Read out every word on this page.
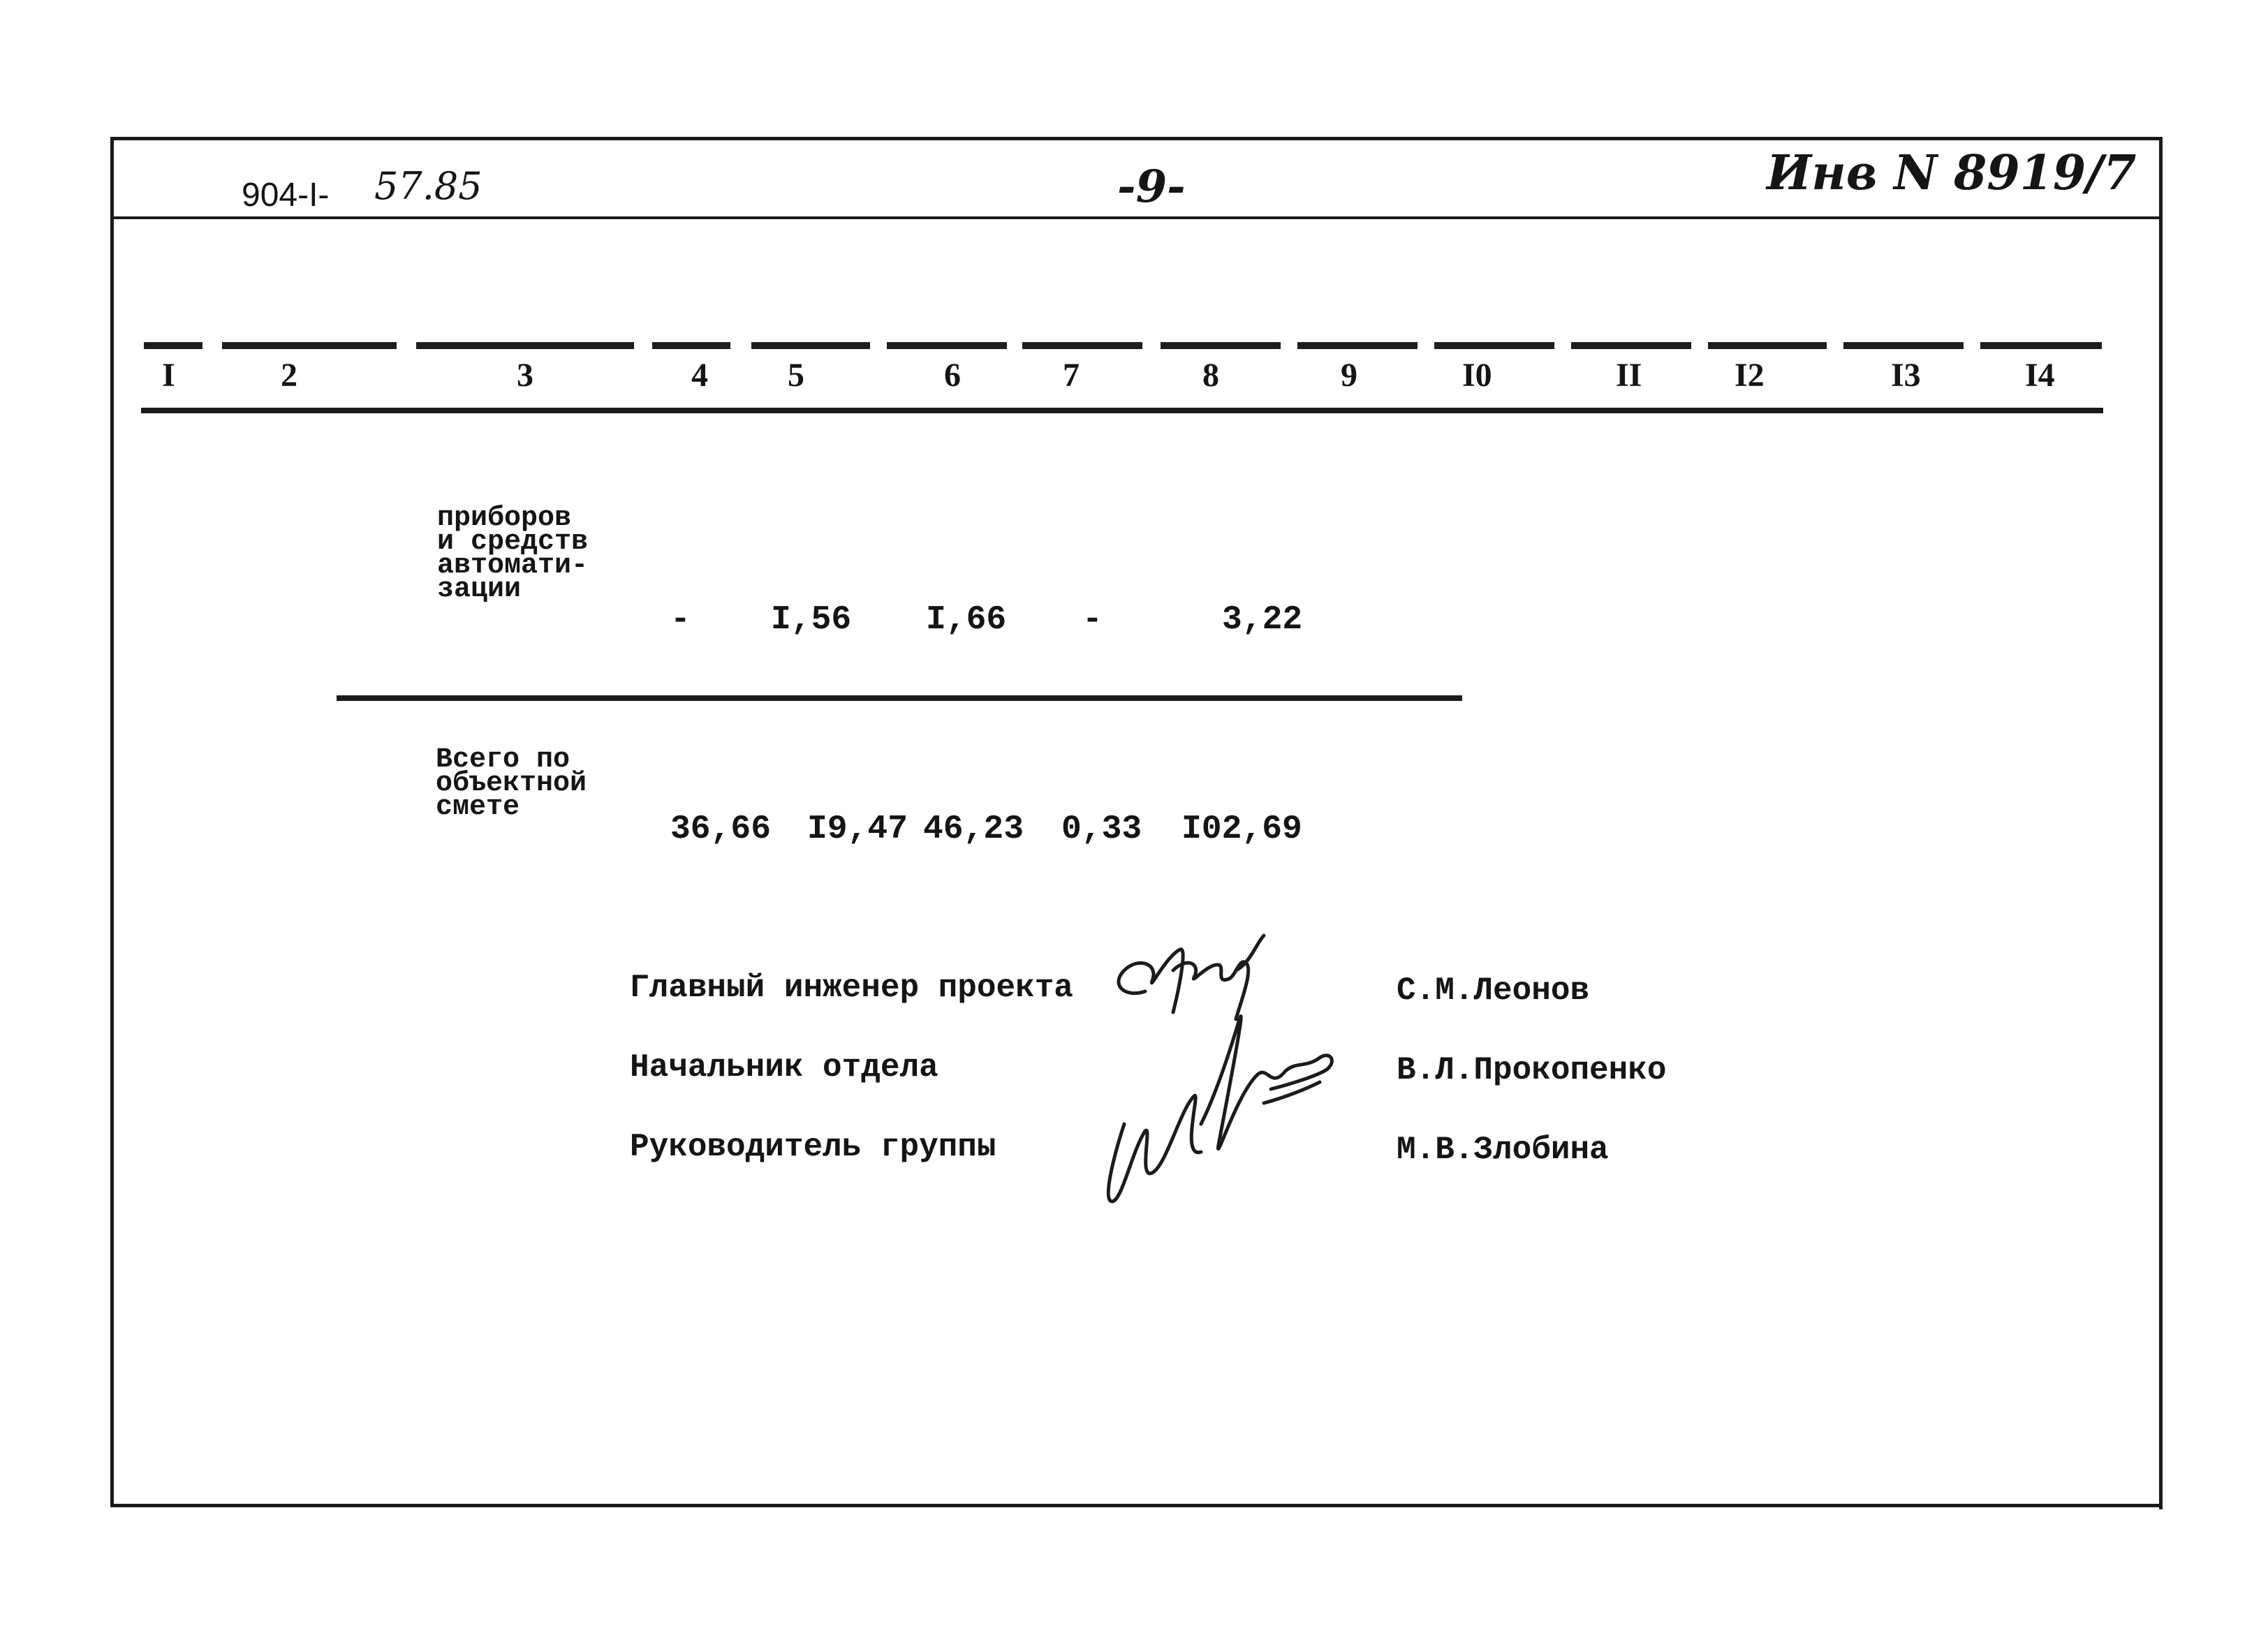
904-I- 57.85	-9-	Инв N 8919/7
I	2	3	4 5	6	7	8	9	I0	II	I2	I3	I4
приборов
и средств
автомати-
зации
- I,56 I,66 -	3,22
Всего по
объектной
смете
36,66 I9,47 46,23 0,33 I02,69
Главный инженер проекта
Начальник отдела
Руководитель группы
С.М.Леонов
В.Л.Прокопенко
М.В.Злобина
